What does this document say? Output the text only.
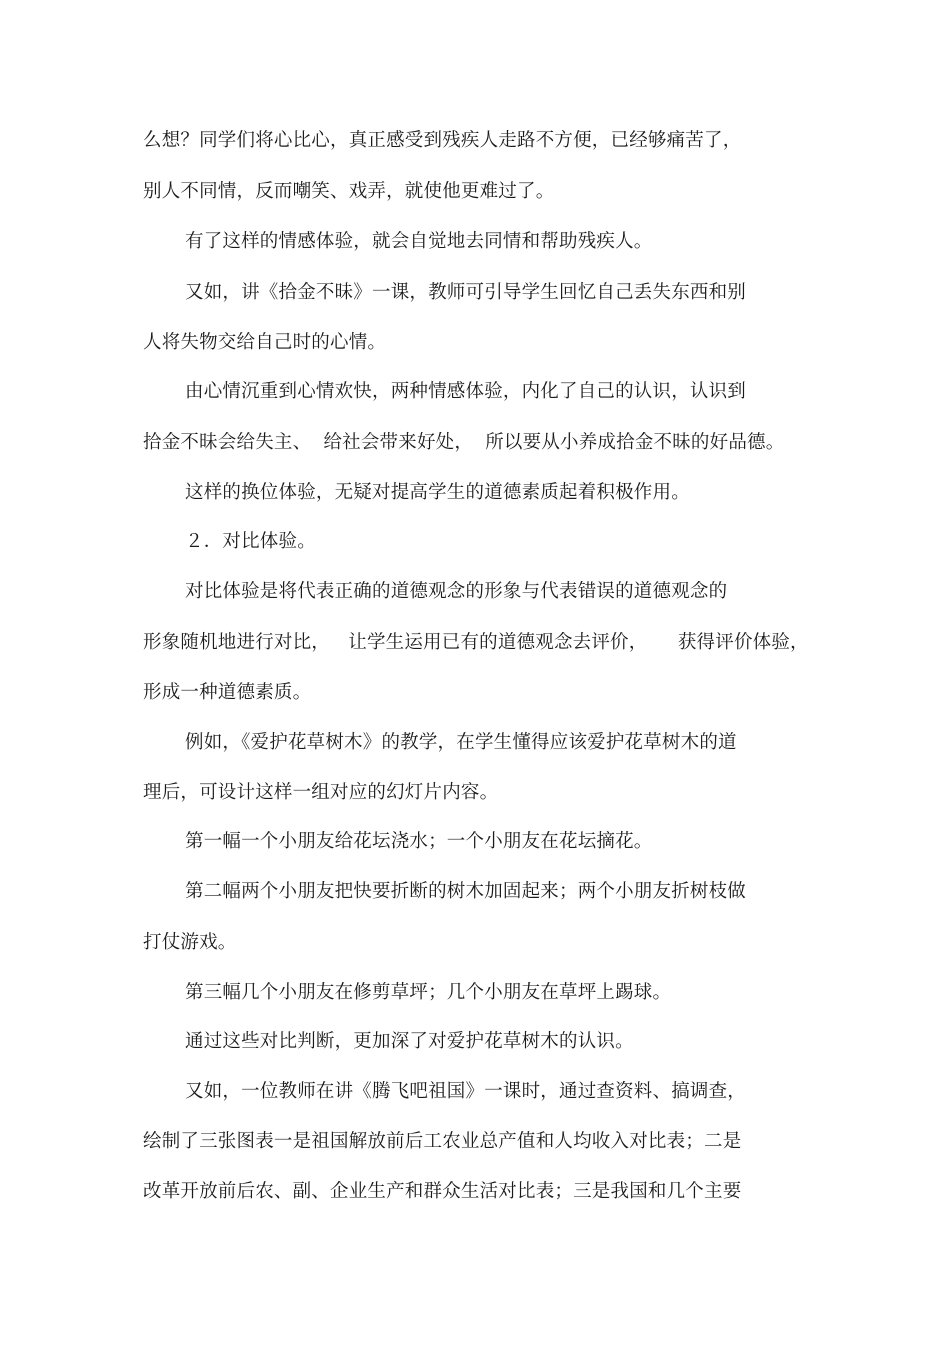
么想？同学们将心比心，真正感受到残疾人走路不方便，已经够痛苦了，
别人不同情，反而嘲笑、戏弄，就使他更难过了。
有了这样的情感体验，就会自觉地去同情和帮助残疾人。
又如，讲《拾金不昧》一课，教师可引导学生回忆自己丢失东西和别
人将失物交给自己时的心情。
由心情沉重到心情欢快，两种情感体验，内化了自己的认识，认识到
拾金不昧会给失主、  给社会带来好处，  所以要从小养成拾金不昧的好品德。
这样的换位体验，无疑对提高学生的道德素质起着积极作用。
２．对比体验。
对比体验是将代表正确的道德观念的形象与代表错误的道德观念的
形象随机地进行对比，   让学生运用已有的道德观念去评价，     获得评价体验，
形成一种道德素质。
例如，《爱护花草树木》的教学，在学生懂得应该爱护花草树木的道
理后，可设计这样一组对应的幻灯片内容。
第一幅一个小朋友给花坛浇水；一个小朋友在花坛摘花。
第二幅两个小朋友把快要折断的树木加固起来；两个小朋友折树枝做
打仗游戏。
第三幅几个小朋友在修剪草坪；几个小朋友在草坪上踢球。
通过这些对比判断，更加深了对爱护花草树木的认识。
又如，一位教师在讲《腾飞吧祖国》一课时，通过查资料、搞调查，
绘制了三张图表一是祖国解放前后工农业总产值和人均收入对比表；二是
改革开放前后农、副、企业生产和群众生活对比表；三是我国和几个主要
